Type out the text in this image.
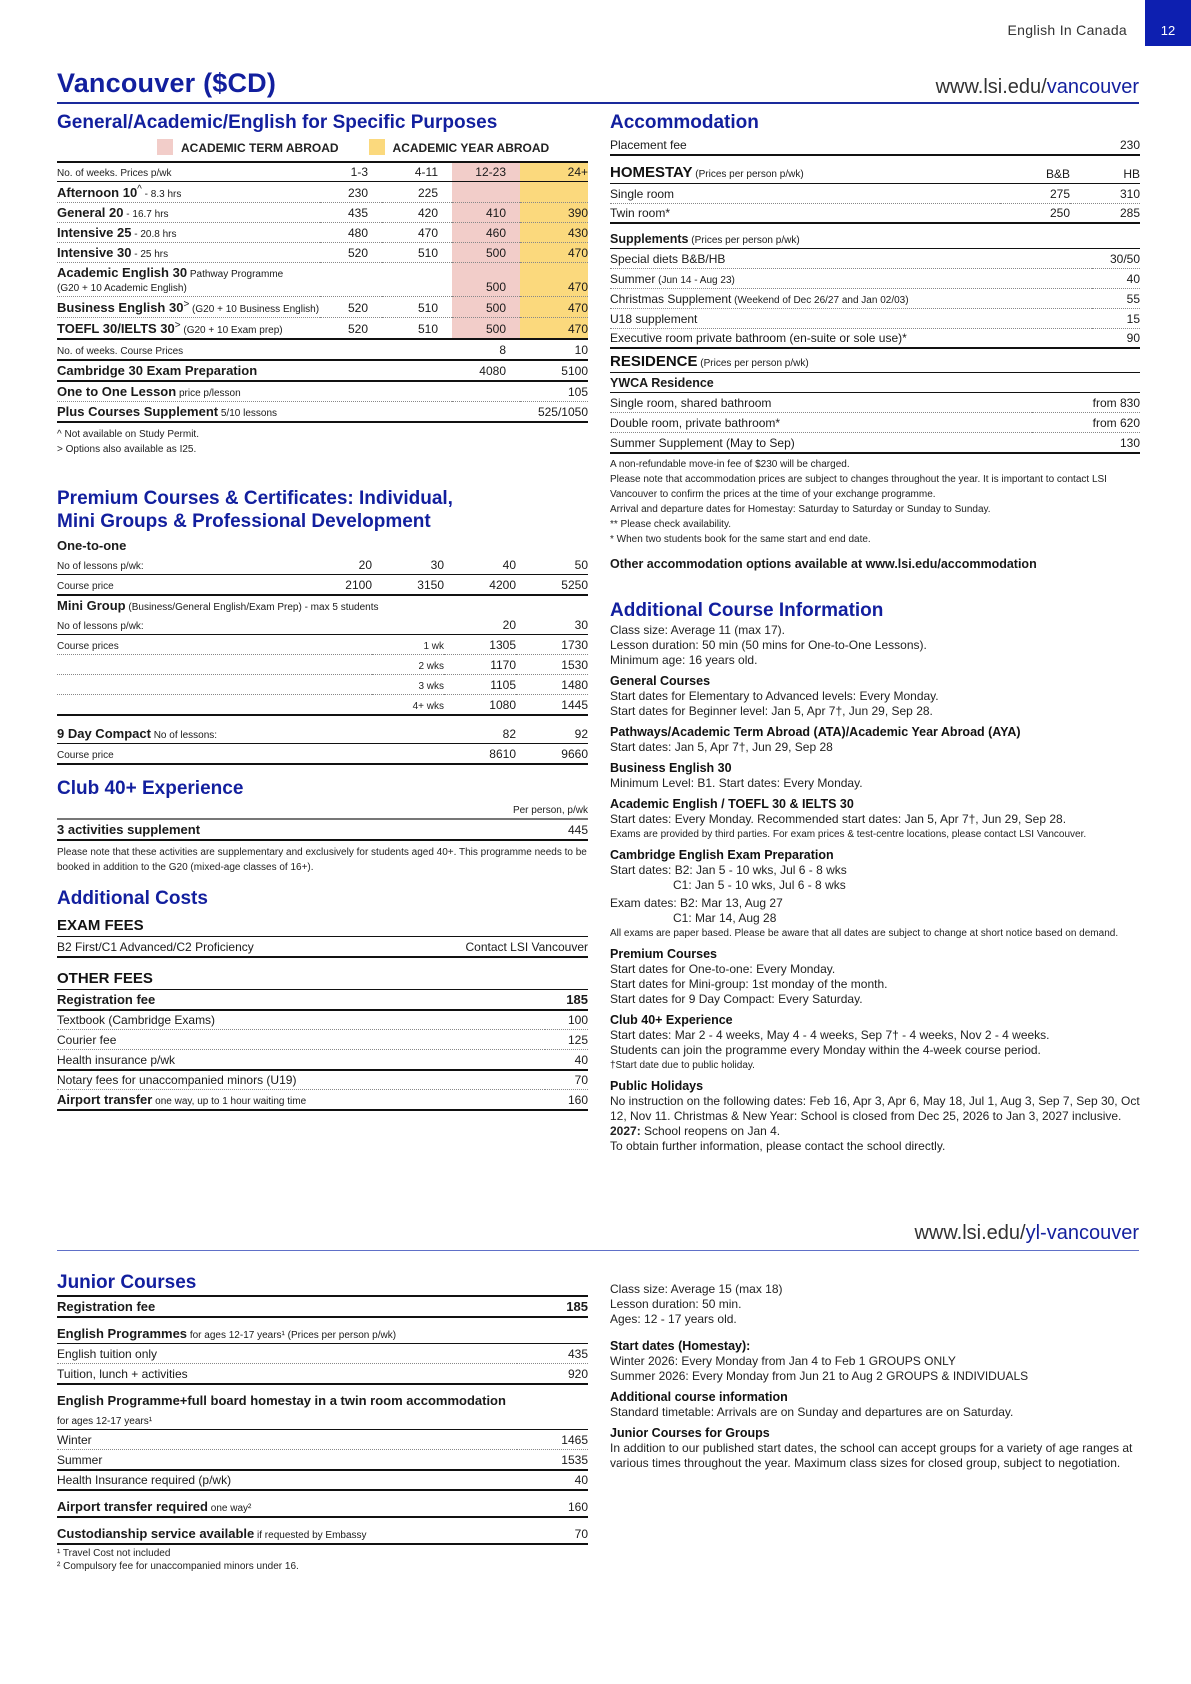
English In Canada	12
Vancouver ($CD)	www.lsi.edu/vancouver
General/Academic/English for Specific Purposes
ACADEMIC TERM ABROAD	ACADEMIC YEAR ABROAD
No. of weeks. Prices p/wk	1-3	4-11	12-23	24+
Afternoon 10^ - 8.3 hrs	230	225		
General 20 - 16.7 hrs	435	420	410	390
Intensive 25 - 20.8 hrs	480	470	460	430
Intensive 30 - 25 hrs	520	510	500	470
Academic English 30 Pathway Programme
(G20 + 10 Academic English)			500	470
Business English 30> (G20 + 10 Business English)	520	510	500	470
TOEFL 30/IELTS 30> (G20 + 10 Exam prep)	520	510	500	470
No. of weeks. Course Prices	8	10
Cambridge 30 Exam Preparation	4080	5100
One to One Lesson price p/lesson		105
Plus Courses Supplement 5/10 lessons		525/1050
^ Not available on Study Permit.
> Options also available as I25.
Premium Courses & Certificates: Individual,
Mini Groups & Professional Development
One-to-one				
No of lessons p/wk:	20	30	40	50
Course price	2100	3150	4200	5250
Mini Group (Business/General English/Exam Prep) - max 5 students			
No of lessons p/wk:		20	30
Course prices	1 wk	1305	1730
	2 wks	1170	1530
	3 wks	1105	1480
	4+ wks	1080	1445
9 Day Compact No of lessons:	82	92
Course price	8610	9660
Club 40+ Experience
Per person, p/wk
3 activities supplement	445
Please note that these activities are supplementary and exclusively for students aged 40+. This programme needs to be booked in addition to the G20 (mixed-age classes of 16+).
Additional Costs
EXAM FEES
B2 First/C1 Advanced/C2 Proficiency	Contact LSI Vancouver
OTHER FEES
Registration fee	185
Textbook (Cambridge Exams)	100
Courier fee	125
Health insurance p/wk	40
Notary fees for unaccompanied minors (U19)	70
Airport transfer one way, up to 1 hour waiting time	160
Accommodation
Placement fee	230
HOMESTAY (Prices per person p/wk)	B&B	HB
Single room	275	310
Twin room*	250	285
Supplements (Prices per person p/wk)	
Special diets B&B/HB	30/50
Summer (Jun 14 - Aug 23)	40
Christmas Supplement (Weekend of Dec 26/27 and Jan 02/03)	55
U18 supplement	15
Executive room private bathroom (en-suite or sole use)*	90
RESIDENCE (Prices per person p/wk)	
YWCA Residence	
Single room, shared bathroom	from 830
Double room, private bathroom*	from 620
Summer Supplement (May to Sep)	130
A non-refundable move-in fee of $230 will be charged.
Please note that accommodation prices are subject to changes throughout the year. It is important to contact LSI Vancouver to confirm the prices at the time of your exchange programme.
Arrival and departure dates for Homestay: Saturday to Saturday or Sunday to Sunday.
** Please check availability.
* When two students book for the same start and end date.
Other accommodation options available at www.lsi.edu/accommodation
Additional Course Information
Class size: Average 11 (max 17).
Lesson duration: 50 min (50 mins for One-to-One Lessons).
Minimum age: 16 years old.
General Courses
Start dates for Elementary to Advanced levels: Every Monday.
Start dates for Beginner level: Jan 5, Apr 7†, Jun 29, Sep 28.
Pathways/Academic Term Abroad (ATA)/Academic Year Abroad (AYA)
Start dates: Jan 5, Apr 7†, Jun 29, Sep 28
Business English 30
Minimum Level: B1. Start dates: Every Monday.
Academic English / TOEFL 30 & IELTS 30
Start dates: Every Monday. Recommended start dates: Jan 5, Apr 7†, Jun 29, Sep 28.
Exams are provided by third parties. For exam prices & test-centre locations, please contact LSI Vancouver.
Cambridge English Exam Preparation
Start dates: B2: Jan 5 - 10 wks, Jul 6 - 8 wks
C1: Jan 5 - 10 wks, Jul 6 - 8 wks
Exam dates: B2: Mar 13, Aug 27
C1: Mar 14, Aug 28
All exams are paper based. Please be aware that all dates are subject to change at short notice based on demand.
Premium Courses
Start dates for One-to-one: Every Monday.
Start dates for Mini-group: 1st monday of the month.
Start dates for 9 Day Compact: Every Saturday.
Club 40+ Experience
Start dates: Mar 2 - 4 weeks, May 4 - 4 weeks, Sep 7† - 4 weeks, Nov 2 - 4 weeks.
Students can join the programme every Monday within the 4-week course period.
†Start date due to public holiday.
Public Holidays
No instruction on the following dates: Feb 16, Apr 3, Apr 6, May 18, Jul 1, Aug 3, Sep 7, Sep 30, Oct 12, Nov 11. Christmas & New Year: School is closed from Dec 25, 2026 to Jan 3, 2027 inclusive.
2027: School reopens on Jan 4.
To obtain further information, please contact the school directly.
www.lsi.edu/yl-vancouver
Junior Courses
Registration fee	185
English Programmes for ages 12-17 years¹ (Prices per person p/wk)	
English tuition only	435
Tuition, lunch + activities	920
English Programme+full board homestay in a twin room accommodation	
for ages 12-17 years¹	
Winter	1465
Summer	1535
Health Insurance required (p/wk)	40
Airport transfer required one way²	160
Custodianship service available if requested by Embassy	70
¹ Travel Cost not included
² Compulsory fee for unaccompanied minors under 16.
Class size: Average 15 (max 18)
Lesson duration: 50 min.
Ages: 12 - 17 years old.
Start dates (Homestay):
Winter 2026: Every Monday from Jan 4 to Feb 1 GROUPS ONLY
Summer 2026: Every Monday from Jun 21 to Aug 2 GROUPS & INDIVIDUALS
Additional course information
Standard timetable: Arrivals are on Sunday and departures are on Saturday.
Junior Courses for Groups
In addition to our published start dates, the school can accept groups for a variety of age ranges at various times throughout the year. Maximum class sizes for closed group, subject to negotiation.
